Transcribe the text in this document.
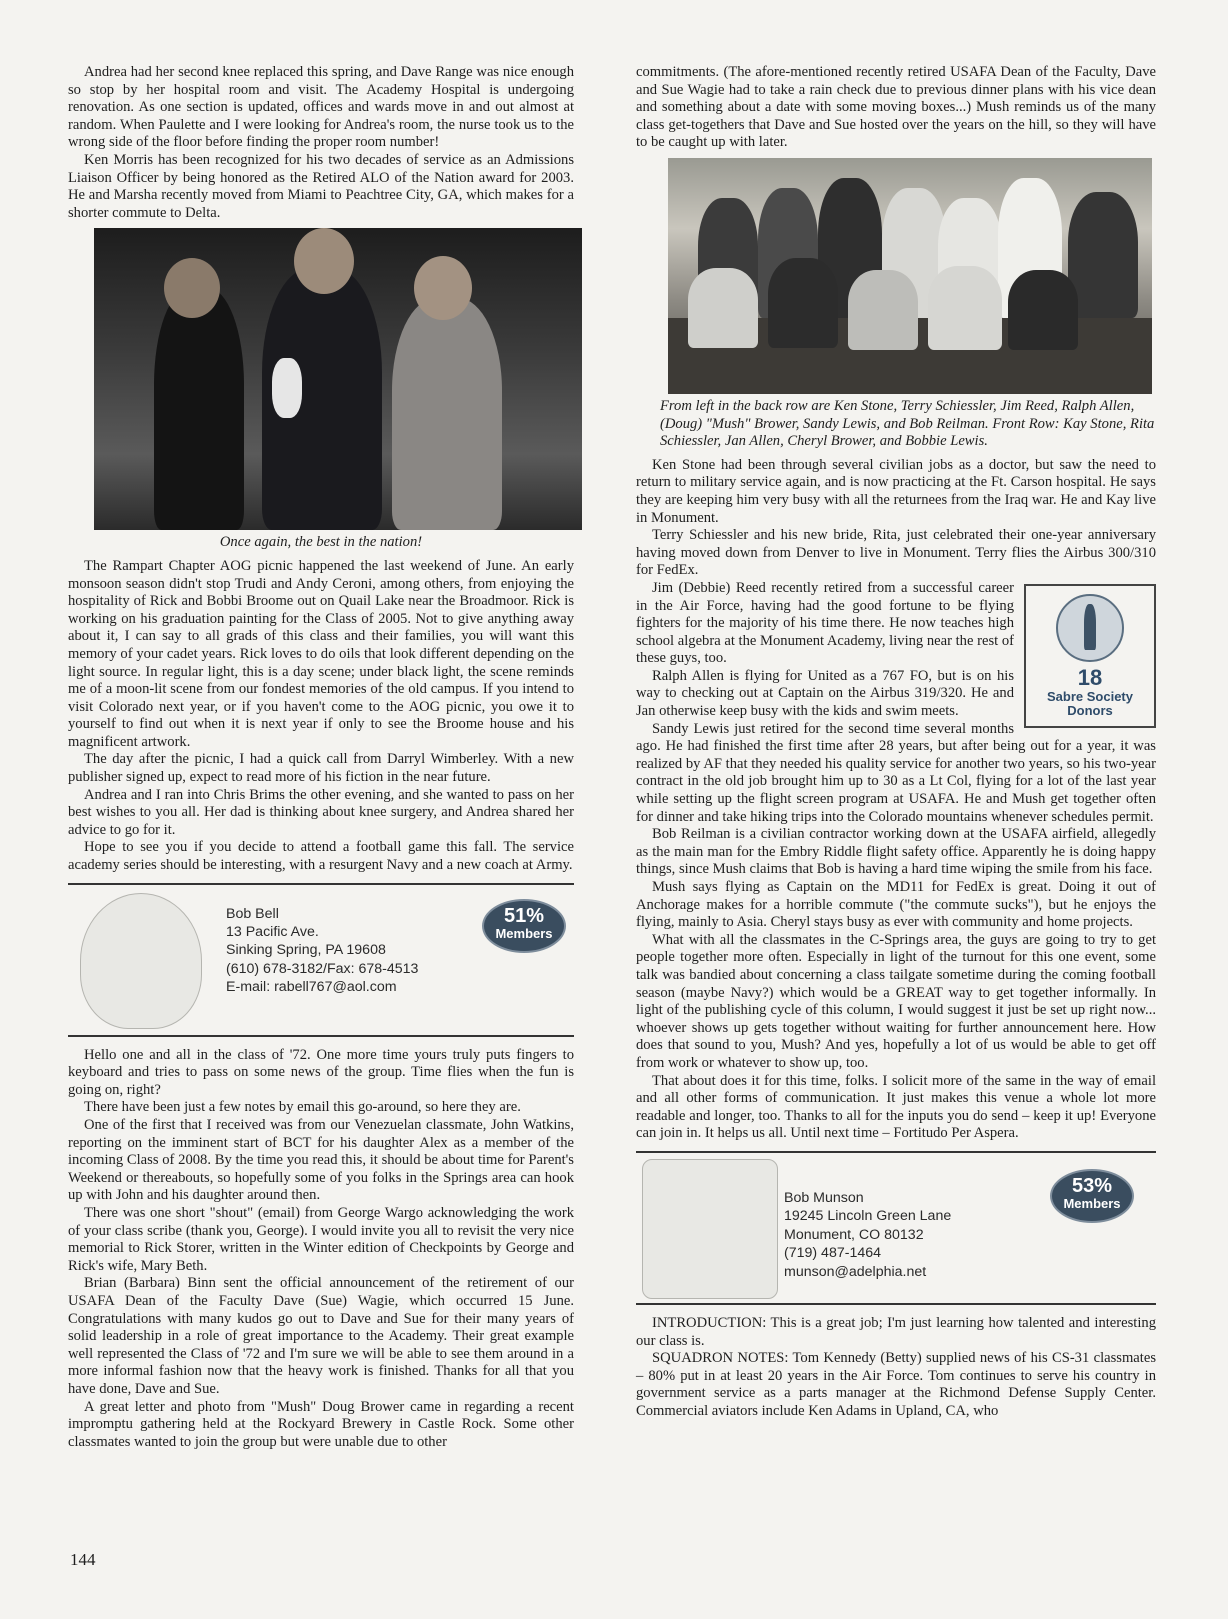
Andrea had her second knee replaced this spring, and Dave Range was nice enough so stop by her hospital room and visit. The Academy Hospital is undergoing renovation. As one section is updated, offices and wards move in and out almost at random. When Paulette and I were looking for Andrea's room, the nurse took us to the wrong side of the floor before finding the proper room number!

Ken Morris has been recognized for his two decades of service as an Admissions Liaison Officer by being honored as the Retired ALO of the Nation award for 2003. He and Marsha recently moved from Miami to Peachtree City, GA, which makes for a shorter commute to Delta.

Once again, the best in the nation!

The Rampart Chapter AOG picnic happened the last weekend of June. An early monsoon season didn't stop Trudi and Andy Ceroni, among others, from enjoying the hospitality of Rick and Bobbi Broome out on Quail Lake near the Broadmoor. Rick is working on his graduation painting for the Class of 2005. Not to give anything away about it, I can say to all grads of this class and their families, you will want this memory of your cadet years. Rick loves to do oils that look different depending on the light source. In regular light, this is a day scene; under black light, the scene reminds me of a moon-lit scene from our fondest memories of the old campus. If you intend to visit Colorado next year, or if you haven't come to the AOG picnic, you owe it to yourself to find out when it is next year if only to see the Broome house and his magnificent artwork.

The day after the picnic, I had a quick call from Darryl Wimberley. With a new publisher signed up, expect to read more of his fiction in the near future.

Andrea and I ran into Chris Brims the other evening, and she wanted to pass on her best wishes to you all. Her dad is thinking about knee surgery, and Andrea shared her advice to go for it.

Hope to see you if you decide to attend a football game this fall. The service academy series should be interesting, with a resurgent Navy and a new coach at Army.

Bob Bell
13 Pacific Ave.
Sinking Spring, PA 19608
(610) 678-3182/Fax: 678-4513
E-mail: rabell767@aol.com
51%
Members

Hello one and all in the class of '72. One more time yours truly puts fingers to keyboard and tries to pass on some news of the group. Time flies when the fun is going on, right?

There have been just a few notes by email this go-around, so here they are.

One of the first that I received was from our Venezuelan classmate, John Watkins, reporting on the imminent start of BCT for his daughter Alex as a member of the incoming Class of 2008. By the time you read this, it should be about time for Parent's Weekend or thereabouts, so hopefully some of you folks in the Springs area can hook up with John and his daughter around then.

There was one short "shout" (email) from George Wargo acknowledging the work of your class scribe (thank you, George). I would invite you all to revisit the very nice memorial to Rick Storer, written in the Winter edition of Checkpoints by George and Rick's wife, Mary Beth.

Brian (Barbara) Binn sent the official announcement of the retirement of our USAFA Dean of the Faculty Dave (Sue) Wagie, which occurred 15 June. Congratulations with many kudos go out to Dave and Sue for their many years of solid leadership in a role of great importance to the Academy. Their great example well represented the Class of '72 and I'm sure we will be able to see them around in a more informal fashion now that the heavy work is finished. Thanks for all that you have done, Dave and Sue.

A great letter and photo from "Mush" Doug Brower came in regarding a recent impromptu gathering held at the Rockyard Brewery in Castle Rock. Some other classmates wanted to join the group but were unable due to other

commitments. (The afore-mentioned recently retired USAFA Dean of the Faculty, Dave and Sue Wagie had to take a rain check due to previous dinner plans with his vice dean and something about a date with some moving boxes...) Mush reminds us of the many class get-togethers that Dave and Sue hosted over the years on the hill, so they will have to be caught up with later.

From left in the back row are Ken Stone, Terry Schiessler, Jim Reed, Ralph Allen, (Doug) "Mush" Brower, Sandy Lewis, and Bob Reilman. Front Row: Kay Stone, Rita Schiessler, Jan Allen, Cheryl Brower, and Bobbie Lewis.

Ken Stone had been through several civilian jobs as a doctor, but saw the need to return to military service again, and is now practicing at the Ft. Carson hospital. He says they are keeping him very busy with all the returnees from the Iraq war. He and Kay live in Monument.

Terry Schiessler and his new bride, Rita, just celebrated their one-year anniversary having moved down from Denver to live in Monument. Terry flies the Airbus 300/310 for FedEx.

18
Sabre Society
Donors

Jim (Debbie) Reed recently retired from a successful career in the Air Force, having had the good fortune to be flying fighters for the majority of his time there. He now teaches high school algebra at the Monument Academy, living near the rest of these guys, too.

Ralph Allen is flying for United as a 767 FO, but is on his way to checking out at Captain on the Airbus 319/320. He and Jan otherwise keep busy with the kids and swim meets.

Sandy Lewis just retired for the second time several months ago. He had finished the first time after 28 years, but after being out for a year, it was realized by AF that they needed his quality service for another two years, so his two-year contract in the old job brought him up to 30 as a Lt Col, flying for a lot of the last year while setting up the flight screen program at USAFA. He and Mush get together often for dinner and take hiking trips into the Colorado mountains whenever schedules permit.

Bob Reilman is a civilian contractor working down at the USAFA airfield, allegedly as the main man for the Embry Riddle flight safety office. Apparently he is doing happy things, since Mush claims that Bob is having a hard time wiping the smile from his face.

Mush says flying as Captain on the MD11 for FedEx is great. Doing it out of Anchorage makes for a horrible commute ("the commute sucks"), but he enjoys the flying, mainly to Asia. Cheryl stays busy as ever with community and home projects.

What with all the classmates in the C-Springs area, the guys are going to try to get people together more often. Especially in light of the turnout for this one event, some talk was bandied about concerning a class tailgate sometime during the coming football season (maybe Navy?) which would be a GREAT way to get together informally. In light of the publishing cycle of this column, I would suggest it just be set up right now... whoever shows up gets together without waiting for further announcement here. How does that sound to you, Mush? And yes, hopefully a lot of us would be able to get off from work or whatever to show up, too.

That about does it for this time, folks. I solicit more of the same in the way of email and all other forms of communication. It just makes this venue a whole lot more readable and longer, too. Thanks to all for the inputs you do send – keep it up! Everyone can join in. It helps us all. Until next time – Fortitudo Per Aspera.

Bob Munson
19245 Lincoln Green Lane
Monument, CO 80132
(719) 487-1464
munson@adelphia.net
53%
Members

INTRODUCTION: This is a great job; I'm just learning how talented and interesting our class is.

SQUADRON NOTES: Tom Kennedy (Betty) supplied news of his CS-31 classmates – 80% put in at least 20 years in the Air Force. Tom continues to serve his country in government service as a parts manager at the Richmond Defense Supply Center. Commercial aviators include Ken Adams in Upland, CA, who

144
